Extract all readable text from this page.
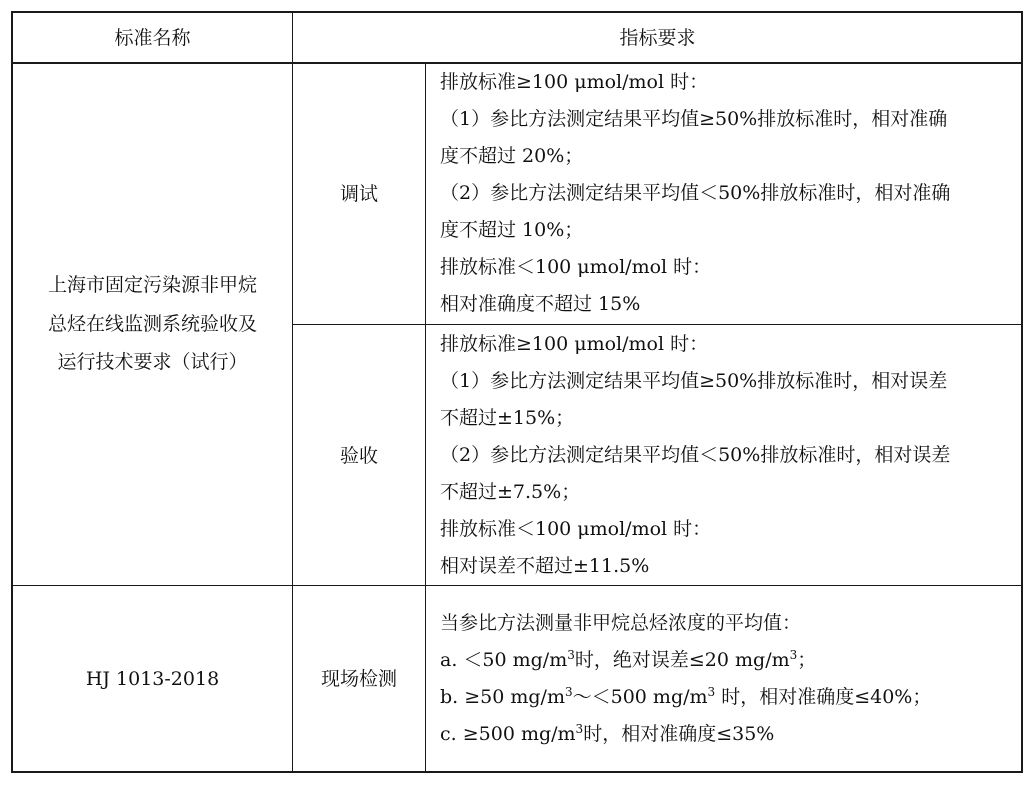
标准名称	指标要求
上海市固定污染源非甲烷
总烃在线监测系统验收及
运行技术要求（试行）
调试
排放标准≥100 μmol/mol 时：
（1）参比方法测定结果平均值≥50%排放标准时，相对准确
度不超过 20%；
（2）参比方法测定结果平均值＜50%排放标准时，相对准确
度不超过 10%；
排放标准＜100 μmol/mol 时：
相对准确度不超过 15%
验收
排放标准≥100 μmol/mol 时：
（1）参比方法测定结果平均值≥50%排放标准时，相对误差
不超过±15%；
（2）参比方法测定结果平均值＜50%排放标准时，相对误差
不超过±7.5%；
排放标准＜100 μmol/mol 时：
相对误差不超过±11.5%
HJ 1013-2018	现场检测
当参比方法测量非甲烷总烃浓度的平均值：
a. ＜50 $mg/m^3$时，绝对误差≤20 $mg/m^3$；
b. ≥50 $mg/m^3\sim<500$ $mg/m^3$ 时，相对准确度≤40%；
c. ≥500 $mg/m^3$时，相对准确度≤35%
